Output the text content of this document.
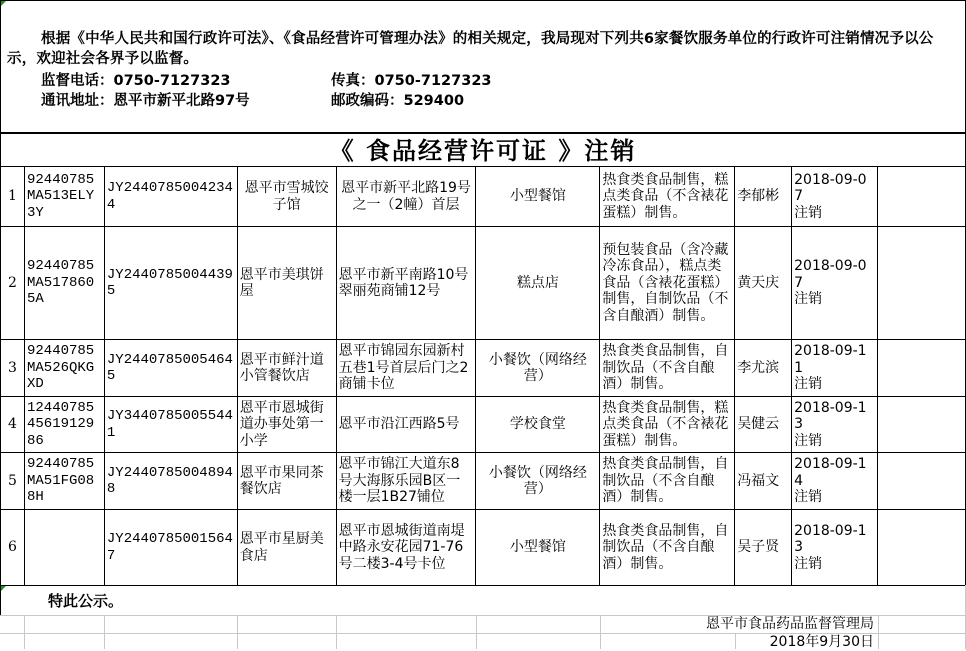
根据《中华人民共和国行政许可法》、《食品经营许可管理办法》的相关规定，我局现对下列共6家餐饮服务单位的行政许可注销情况予以公示，欢迎社会各界予以监督。
监督电话：0750-7127323	传真：0750-7127323
通讯地址：恩平市新平北路97号	邮政编码：529400
《 食品经营许可证 》注销
1	92440785MA513ELY3Y	JY24407850042344	恩平市雪城饺子馆	恩平市新平北路19号之一（2幢）首层	小型餐馆	热食类食品制售，糕点类食品（不含裱花蛋糕）制售。	李郁彬	2018-09-07
注销	

2	92440785MA5178605A	JY24407850044395	恩平市美琪饼屋	恩平市新平南路10号翠丽苑商铺12号	糕点店	预包装食品（含冷藏冷冻食品），糕点类食品（含裱花蛋糕）制售，自制饮品（不含自酿酒）制售。	黄天庆	2018-09-07
注销	

3	92440785MA526QKGXD	JY24407850054645	恩平市鲜汁道小管餐饮店	恩平市锦园东园新村五巷1号首层后门之2商铺卡位	小餐饮（网络经营）	热食类食品制售，自制饮品（不含自酿酒）制售。	李尤滨	2018-09-11
注销	

4	124407854561912986	JY34407850055441	恩平市恩城街道办事处第一小学	恩平市沿江西路5号	学校食堂	热食类食品制售，糕点类食品（不含裱花蛋糕）制售。	吴健云	2018-09-13
注销	

5	92440785MA51FG088H	JY24407850048948	恩平市果同茶餐饮店	恩平市锦江大道东8号大海豚乐园B区一楼一层1B27铺位	小餐饮（网络经营）	热食类食品制售，自制饮品（不含自酿酒）制售。	冯福文	2018-09-14
注销	

6		JY24407850015647	恩平市星厨美食店	恩平市恩城街道南堤中路永安花园71-76号二楼3-4号卡位	小型餐馆	热食类食品制售，自制饮品（不含自酿酒）制售。	吴子贤	2018-09-13
注销	

特此公示。
恩平市食品药品监督管理局
2018年9月30日
